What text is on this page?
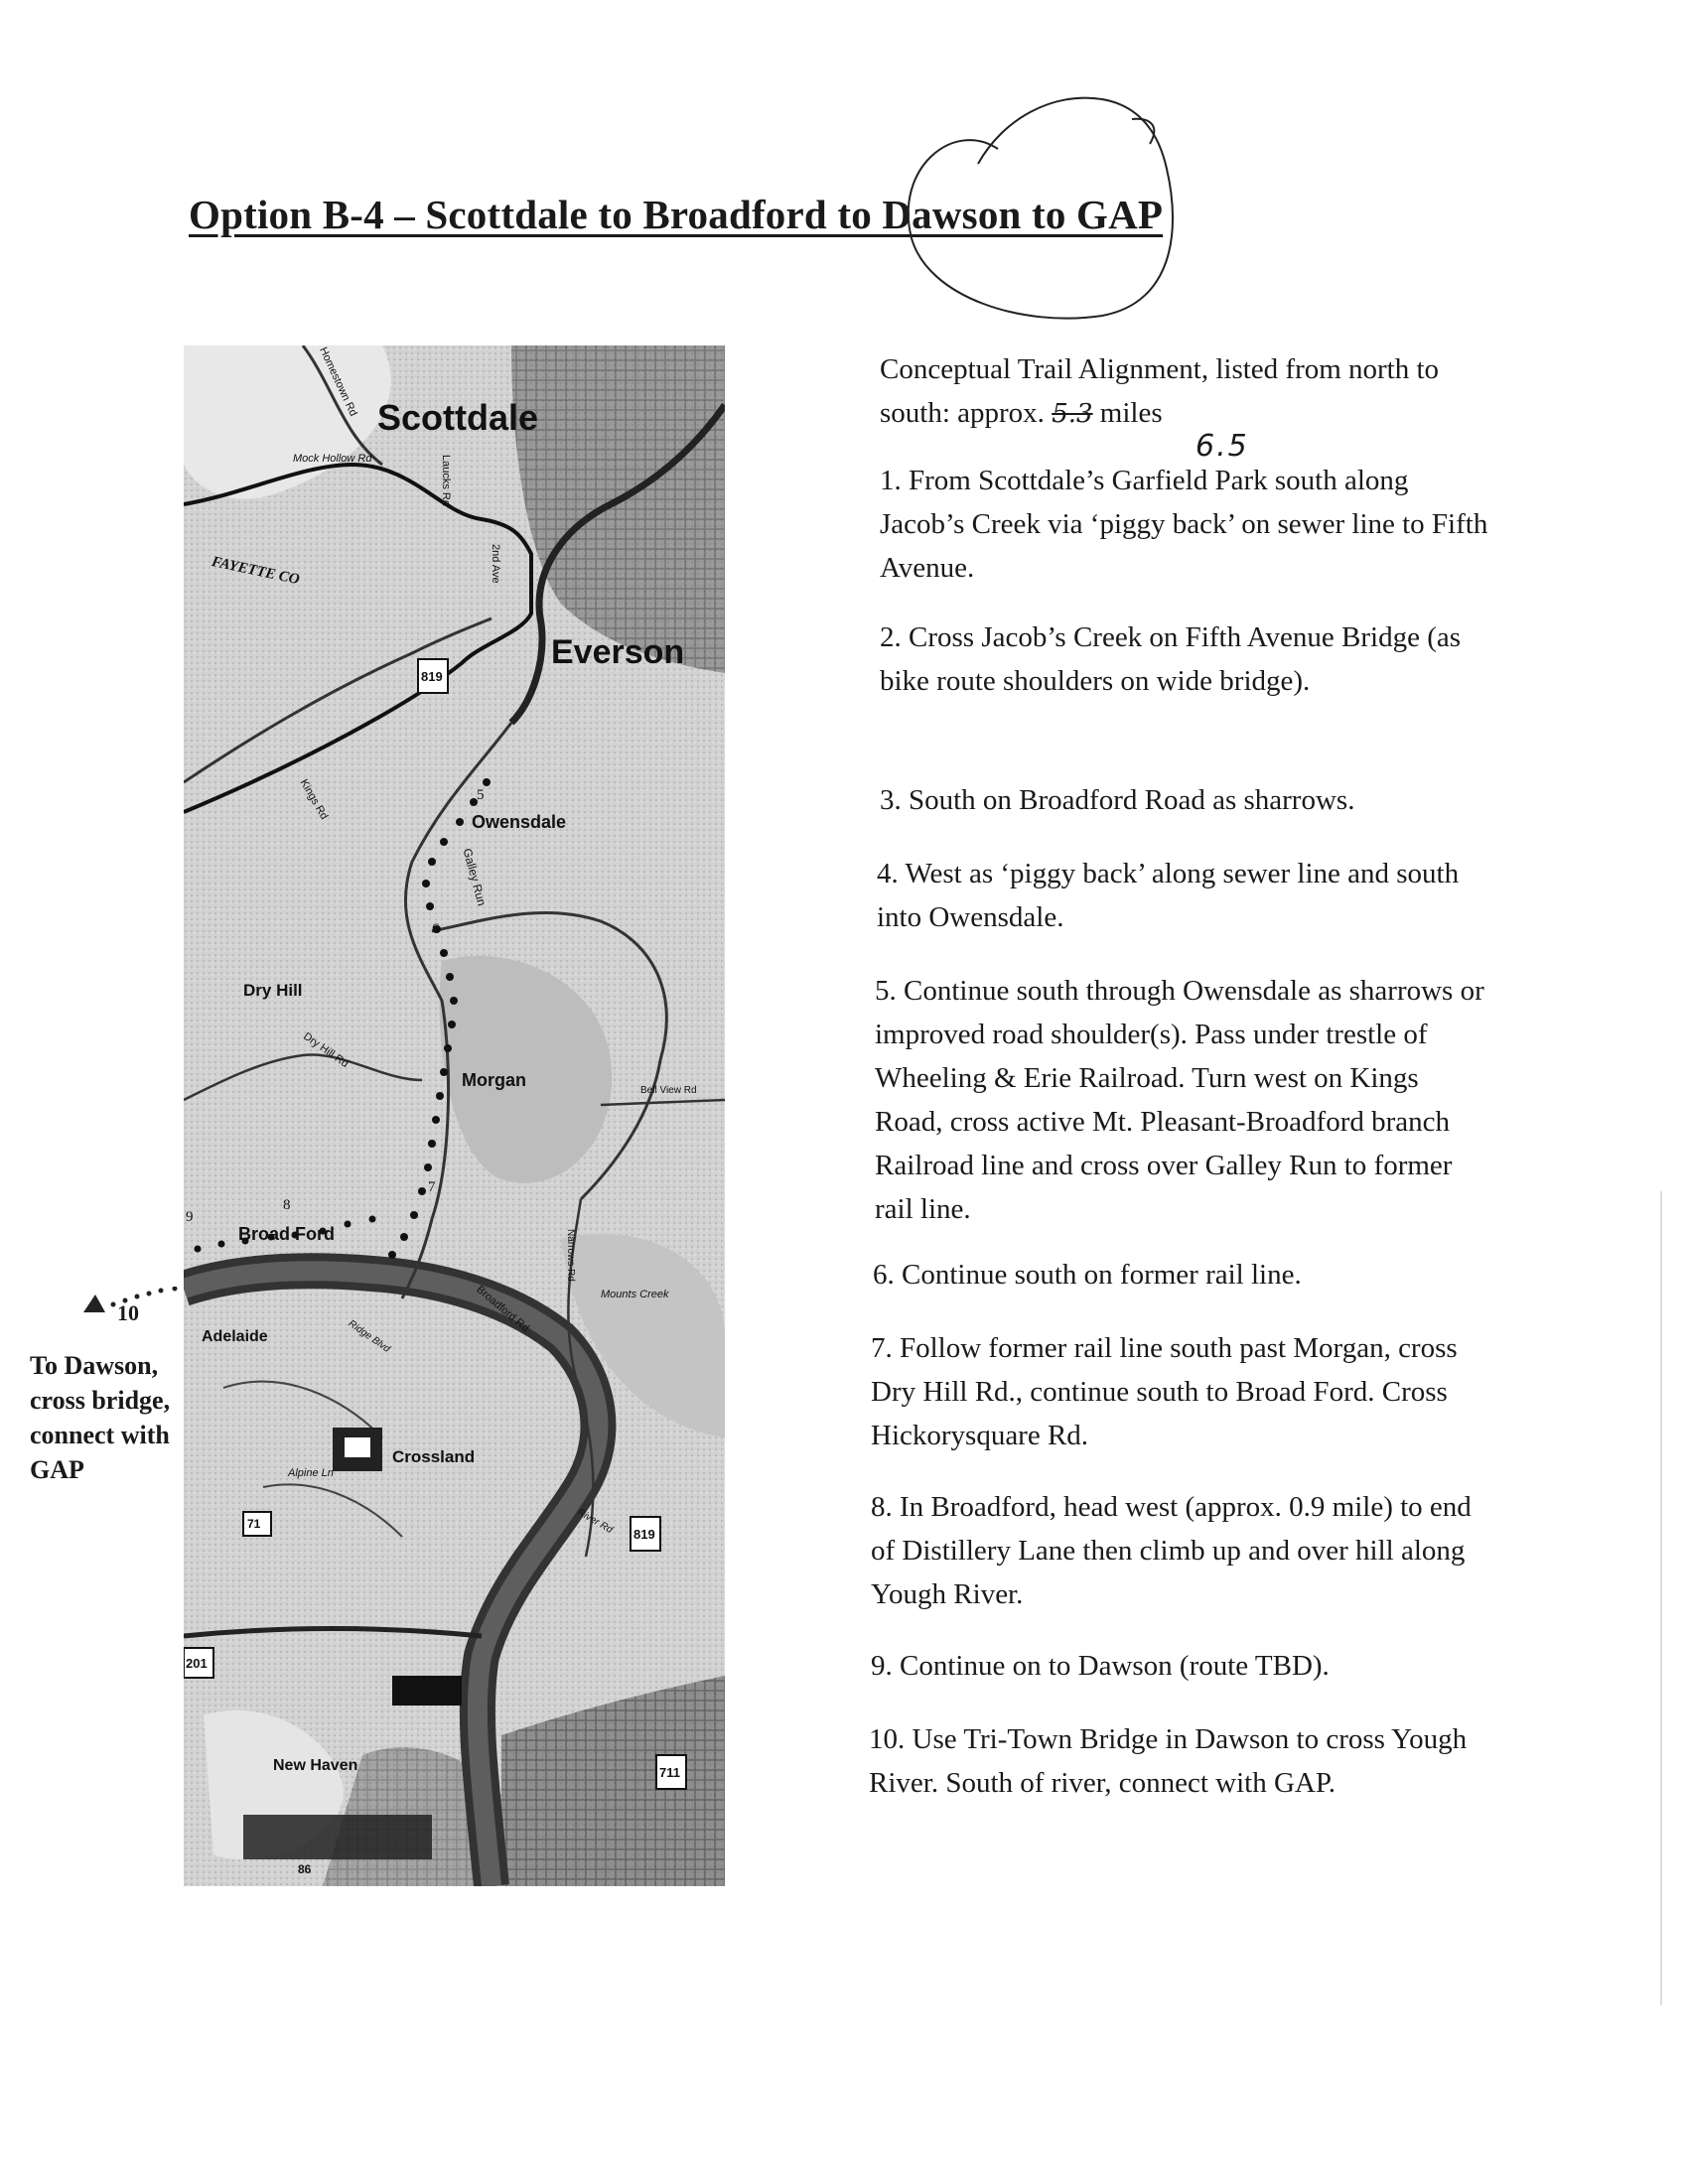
Option B-4 – Scottdale to Broadford to Dawson to GAP
Scottdale
Everson
Owensdale
Dry Hill
Morgan
Broad Ford
Adelaide
Crossland
New Haven
Mock Hollow Rd
Homestown Rd
Laucks Rd
2nd Ave
Dry Hill Rd
Kings Rd
Galley Run
Bell View Rd
Narrows Rd
Mounts Creek
Broadford Rd
Alpine Ln
River Rd
Ridge Blvd
FAYETTE CO
819
819
201
711
71
86
5
6
7
8
9
10
To Dawson, cross bridge, connect with GAP

Conceptual Trail Alignment, listed from north to south: approx. 5.3 miles
6.5

1. From Scottdale’s Garfield Park south along Jacob’s Creek via ‘piggy back’ on sewer line to Fifth Avenue.

2. Cross Jacob’s Creek on Fifth Avenue Bridge (as bike route shoulders on wide bridge).

3. South on Broadford Road as sharrows.

4. West as ‘piggy back’ along sewer line and south into Owensdale.

5. Continue south through Owensdale as sharrows or improved road shoulder(s). Pass under trestle of Wheeling & Erie Railroad. Turn west on Kings Road, cross active Mt. Pleasant-Broadford branch Railroad line and cross over Galley Run to former rail line.

6. Continue south on former rail line.

7. Follow former rail line south past Morgan, cross Dry Hill Rd., continue south to Broad Ford. Cross Hickorysquare Rd.

8. In Broadford, head west (approx. 0.9 mile) to end of Distillery Lane then climb up and over hill along Yough River.

9. Continue on to Dawson (route TBD).

10. Use Tri-Town Bridge in Dawson to cross Yough River. South of river, connect with GAP.
